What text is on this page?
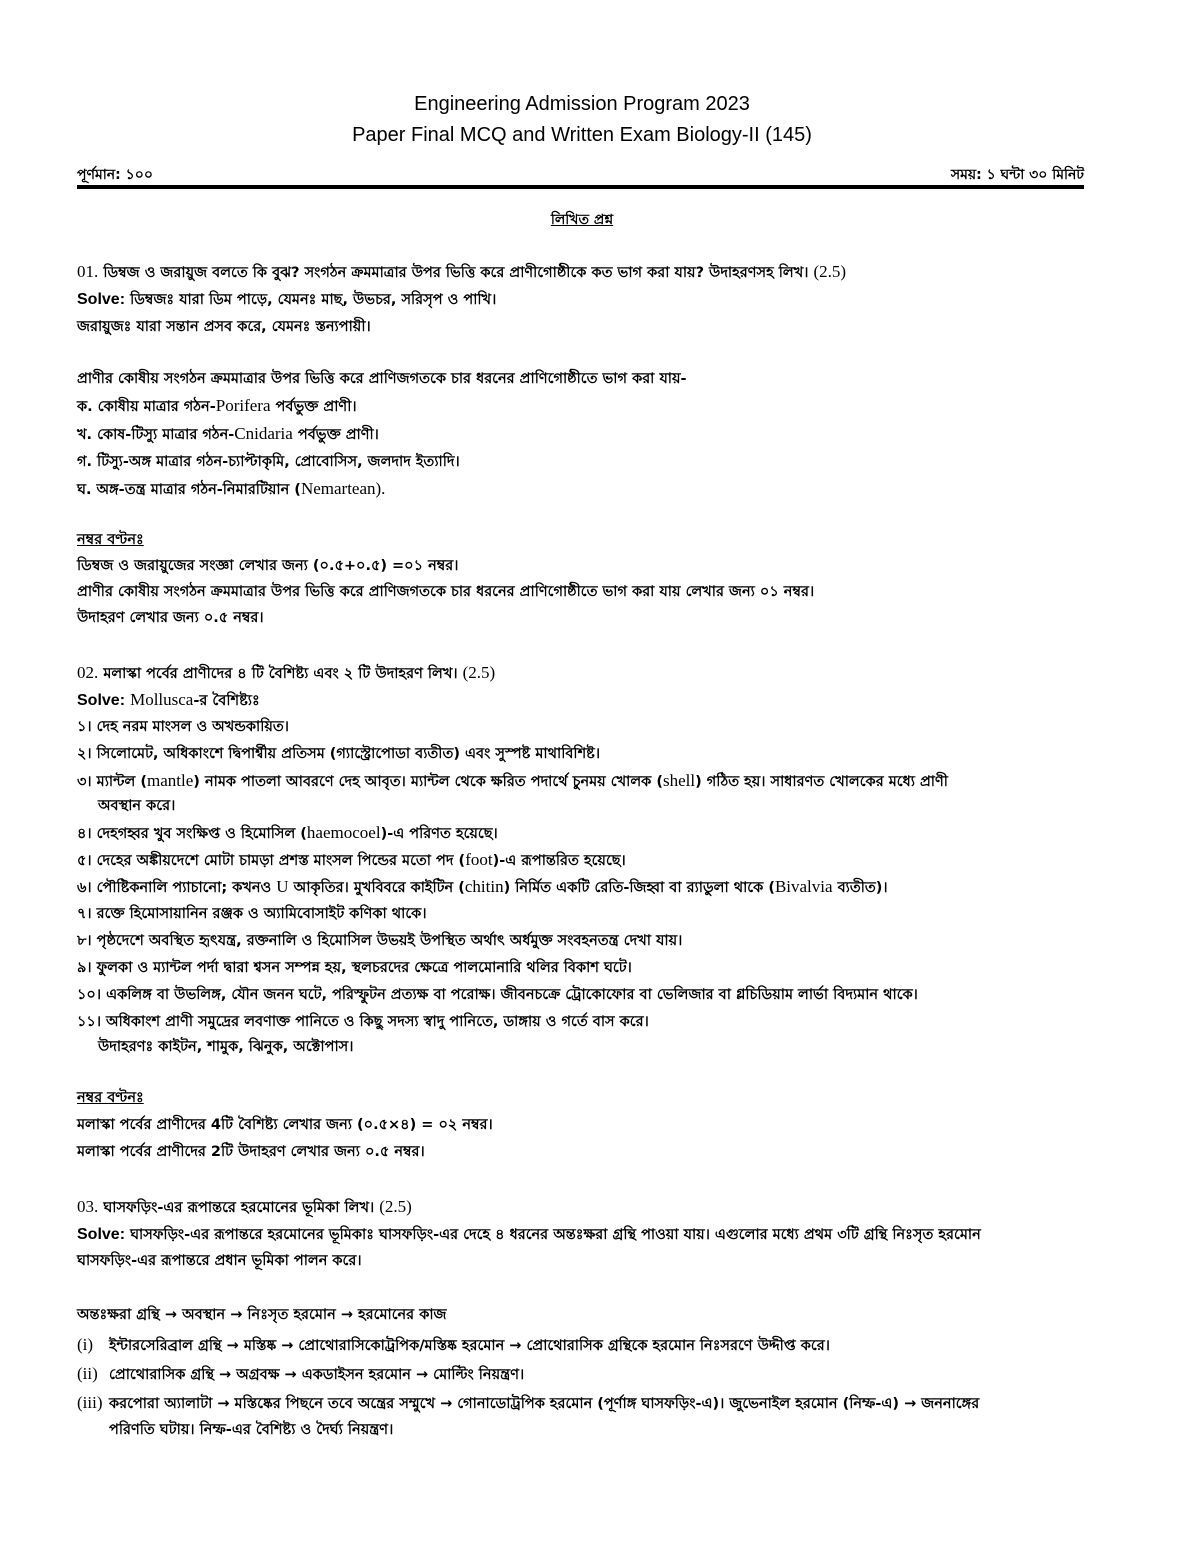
Engineering Admission Program 2023
Paper Final MCQ and Written Exam Biology-II (145)
পূর্ণমান: ১০০	সময়: ১ ঘন্টা ৩০ মিনিট
লিখিত প্রশ্ন
01. ডিম্বজ ও জরায়ুজ বলতে কি বুঝ? সংগঠন ক্রমমাত্রার উপর ভিত্তি করে প্রাণীগোষ্ঠীকে কত ভাগ করা যায়? উদাহরণসহ লিখ। (2.5)
Solve: ডিম্বজঃ যারা ডিম পাড়ে, যেমনঃ মাছ, উভচর, সরিসৃপ ও পাখি।
জরায়ুজঃ যারা সন্তান প্রসব করে, যেমনঃ স্তন্যপায়ী।
প্রাণীর কোষীয় সংগঠন ক্রমমাত্রার উপর ভিত্তি করে প্রাণিজগতকে চার ধরনের প্রাণিগোষ্ঠীতে ভাগ করা যায়-
ক. কোষীয় মাত্রার গঠন-Porifera পর্বভুক্ত প্রাণী।
খ. কোষ-টিস্যু মাত্রার গঠন-Cnidaria পর্বভুক্ত প্রাণী।
গ. টিস্যু-অঙ্গ মাত্রার গঠন-চ্যাপ্টাকৃমি, প্রোবোসিস, জলদাদ ইত্যাদি।
ঘ. অঙ্গ-তন্ত্র মাত্রার গঠন-নিমারটিয়ান (Nemartean).
নম্বর বণ্টনঃ
ডিম্বজ ও জরায়ুজের সংজ্ঞা লেখার জন্য (০.৫+০.৫) =০১ নম্বর।
প্রাণীর কোষীয় সংগঠন ক্রমমাত্রার উপর ভিত্তি করে প্রাণিজগতকে চার ধরনের প্রাণিগোষ্ঠীতে ভাগ করা যায় লেখার জন্য ০১ নম্বর।
উদাহরণ লেখার জন্য ০.৫ নম্বর।
02. মলাস্কা পর্বের প্রাণীদের ৪ টি বৈশিষ্ট্য এবং ২ টি উদাহরণ লিখ। (2.5)
Solve: Mollusca-র বৈশিষ্ট্যঃ
১। দেহ নরম মাংসল ও অখন্ডকায়িত।
২। সিলোমেট, অধিকাংশে দ্বিপার্শ্বীয় প্রতিসম (গ্যাস্ট্রোপোডা ব্যতীত) এবং সুস্পষ্ট মাথাবিশিষ্ট।
৩। ম্যান্টল (mantle) নামক পাতলা আবরণে দেহ আবৃত। ম্যান্টল থেকে ক্ষরিত পদার্থে চুনময় খোলক (shell) গঠিত হয়। সাধারণত খোলকের মধ্যে প্রাণী
অবস্থান করে।
৪। দেহগহ্বর খুব সংক্ষিপ্ত ও হিমোসিল (haemocoel)-এ পরিণত হয়েছে।
৫। দেহের অঙ্কীয়দেশে মোটা চামড়া প্রশস্ত মাংসল পিন্ডের মতো পদ (foot)-এ রূপান্তরিত হয়েছে।
৬। পৌষ্টিকনালি প্যাচানো; কখনও U আকৃতির। মুখবিবরে কাইটিন (chitin) নির্মিত একটি রেতি-জিহ্বা বা র‍্যাডুলা থাকে (Bivalvia ব্যতীত)।
৭। রক্তে হিমোসায়ানিন রঞ্জক ও অ্যামিবোসাইট কণিকা থাকে।
৮। পৃষ্ঠদেশে অবস্থিত হৃৎযন্ত্র, রক্তনালি ও হিমোসিল উভয়ই উপস্থিত অর্থাৎ অর্ধমুক্ত সংবহনতন্ত্র দেখা যায়।
৯। ফুলকা ও ম্যান্টল পর্দা দ্বারা শ্বসন সম্পন্ন হয়, স্থলচরদের ক্ষেত্রে পালমোনারি থলির বিকাশ ঘটে।
১০। একলিঙ্গ বা উভলিঙ্গ, যৌন জনন ঘটে, পরিস্ফুটন প্রত্যক্ষ বা পরোক্ষ। জীবনচক্রে ট্রোকোফোর বা ভেলিজার বা গ্লচিডিয়াম লার্ভা বিদ্যমান থাকে।
১১। অধিকাংশ প্রাণী সমুদ্রের লবণাক্ত পানিতে ও কিছু সদস্য স্বাদু পানিতে, ডাঙ্গায় ও গর্তে বাস করে।
উদাহরণঃ কাইটন, শামুক, ঝিনুক, অক্টোপাস।
নম্বর বণ্টনঃ
মলাস্কা পর্বের প্রাণীদের 4টি বৈশিষ্ট্য লেখার জন্য (০.৫×৪) = ০২ নম্বর।
মলাস্কা পর্বের প্রাণীদের 2টি উদাহরণ লেখার জন্য ০.৫ নম্বর।
03. ঘাসফড়িং-এর রূপান্তরে হরমোনের ভূমিকা লিখ। (2.5)
Solve: ঘাসফড়িং-এর রূপান্তরে হরমোনের ভূমিকাঃ ঘাসফড়িং-এর দেহে ৪ ধরনের অন্তঃক্ষরা গ্রন্থি পাওয়া যায়। এগুলোর মধ্যে প্রথম ৩টি গ্রন্থি নিঃসৃত হরমোন
ঘাসফড়িং-এর রূপান্তরে প্রধান ভূমিকা পালন করে।
অন্তঃক্ষরা গ্রন্থি → অবস্থান → নিঃসৃত হরমোন → হরমোনের কাজ
(i) ইন্টারসেরিব্রাল গ্রন্থি → মস্তিষ্ক → প্রোথোরাসিকোট্রপিক/মস্তিষ্ক হরমোন → প্রোথোরাসিক গ্রন্থিকে হরমোন নিঃসরণে উদ্দীপ্ত করে।
(ii) প্রোথোরাসিক গ্রন্থি → অগ্রবক্ষ → একডাইসন হরমোন → মোল্টিং নিয়ন্ত্রণ।
(iii) করপোরা অ্যালাটা → মস্তিষ্কের পিছনে তবে অন্ত্রের সম্মুখে → গোনাডোট্রপিক হরমোন (পূর্ণাঙ্গ ঘাসফড়িং-এ)। জুভেনাইল হরমোন (নিম্ফ-এ) → জননাঙ্গের
পরিণতি ঘটায়। নিম্ফ-এর বৈশিষ্ট্য ও দৈর্ঘ্য নিয়ন্ত্রণ।
